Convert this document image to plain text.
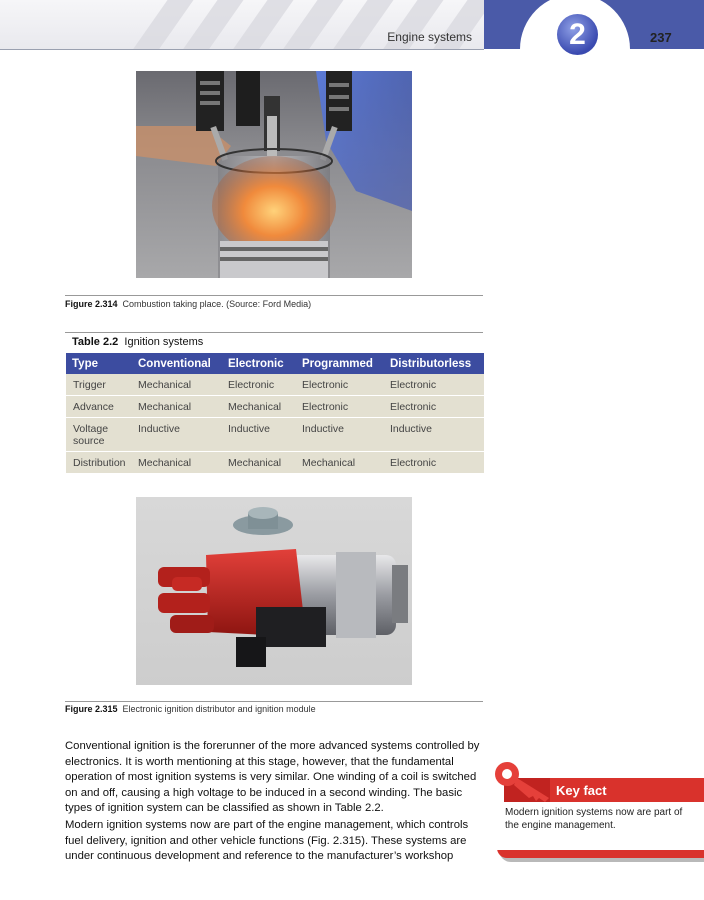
Engine systems	2	237
Figure 2.314 Combustion taking place. (Source: Ford Media)
Table 2.2 Ignition systems
Type	Conventional	Electronic	Programmed	Distributorless
Trigger	Mechanical	Electronic	Electronic	Electronic
Advance	Mechanical	Mechanical	Electronic	Electronic
Voltage source	Inductive	Inductive	Inductive	Inductive
Distribution	Mechanical	Mechanical	Mechanical	Electronic
Figure 2.315 Electronic ignition distributor and ignition module
Conventional ignition is the forerunner of the more advanced systems controlled by electronics. It is worth mentioning at this stage, however, that the fundamental operation of most ignition systems is very similar. One winding of a coil is switched on and off, causing a high voltage to be induced in a second winding. The basic types of ignition system can be classified as shown in Table 2.2.
Modern ignition systems now are part of the engine management, which controls fuel delivery, ignition and other vehicle functions (Fig. 2.315). These systems are under continuous development and reference to the manufacturer’s workshop
Key fact
Modern ignition systems now are part of the engine management.
